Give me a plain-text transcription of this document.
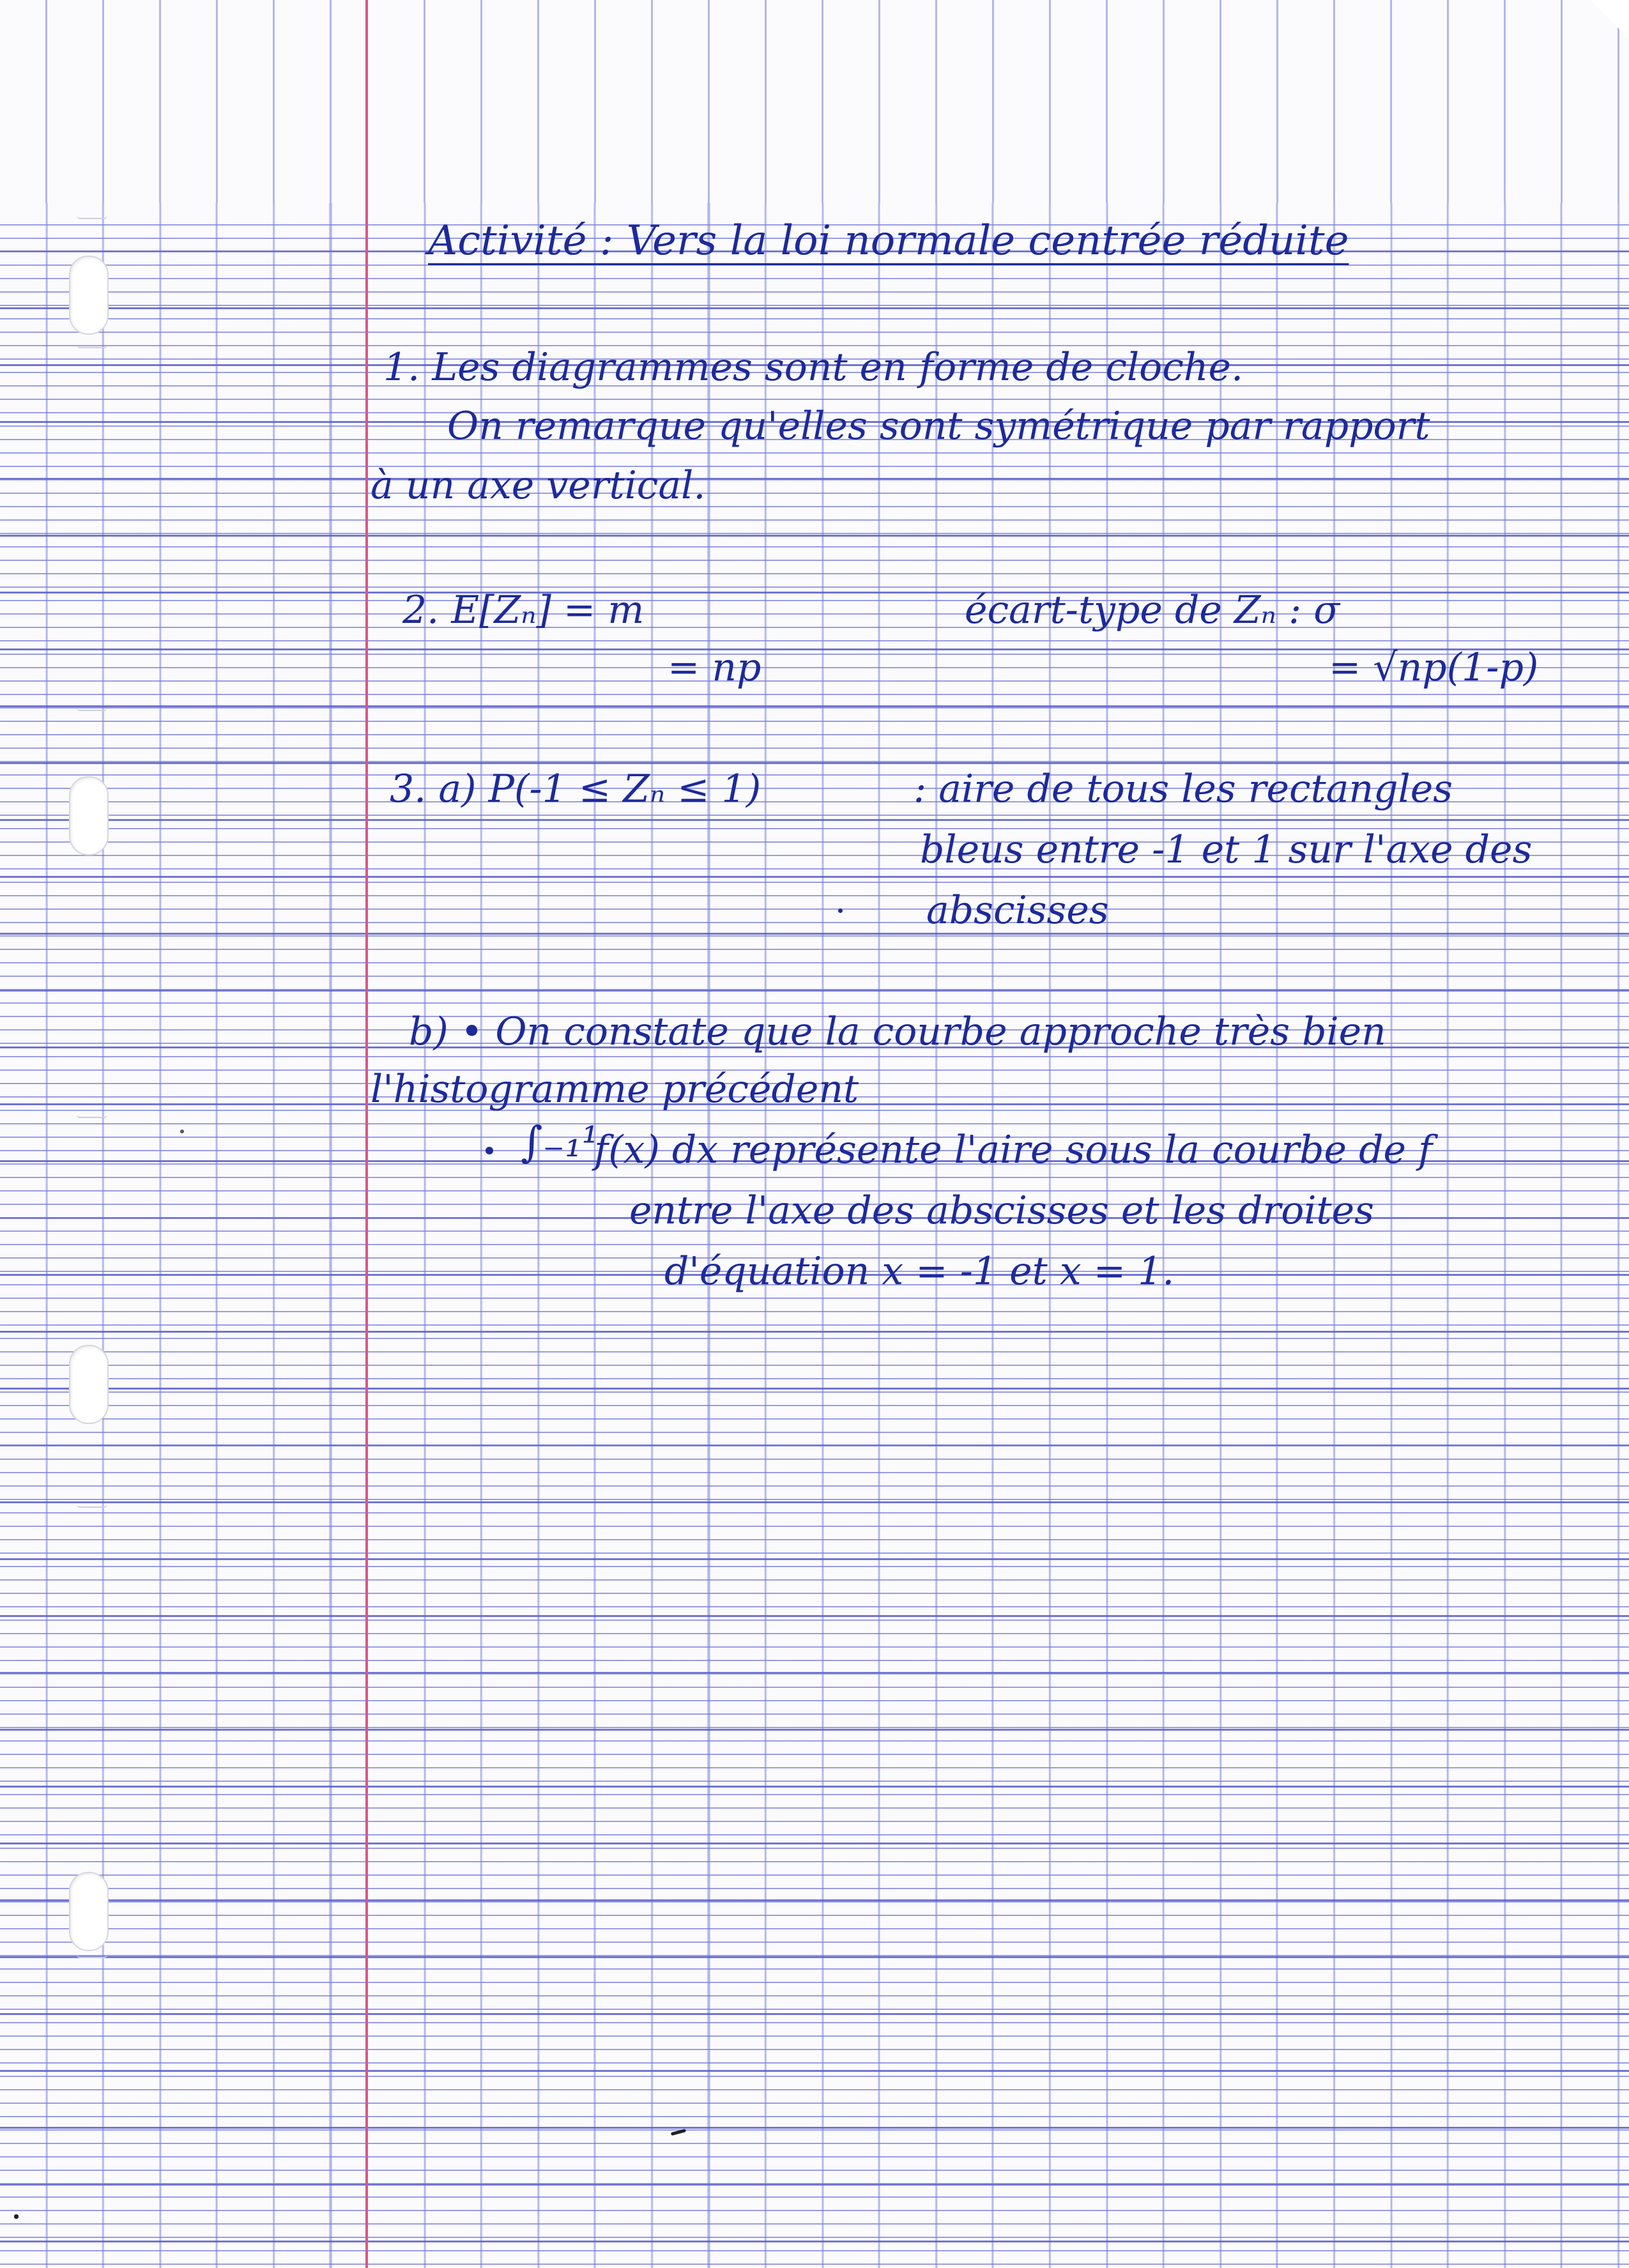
Activité : Vers la loi normale centrée réduite
1. Les diagrammes sont en forme de cloche.
On remarque qu'elles sont symétrique par rapport
à un axe vertical.
2. E[Zₙ] = m
= np
écart-type de Zₙ : σ
= √np(1-p)
3. a) P(-1 ≤ Zₙ ≤ 1)	: aire de tous les rectangles
bleus entre -1 et 1 sur l'axe des
abscisses
b) • On constate que la courbe approche très bien
l'histogramme précédent
∫₋₁¹
f(x) dx représente l'aire sous la courbe de f
entre l'axe des abscisses et les droites
d'équation x = -1 et x = 1.
